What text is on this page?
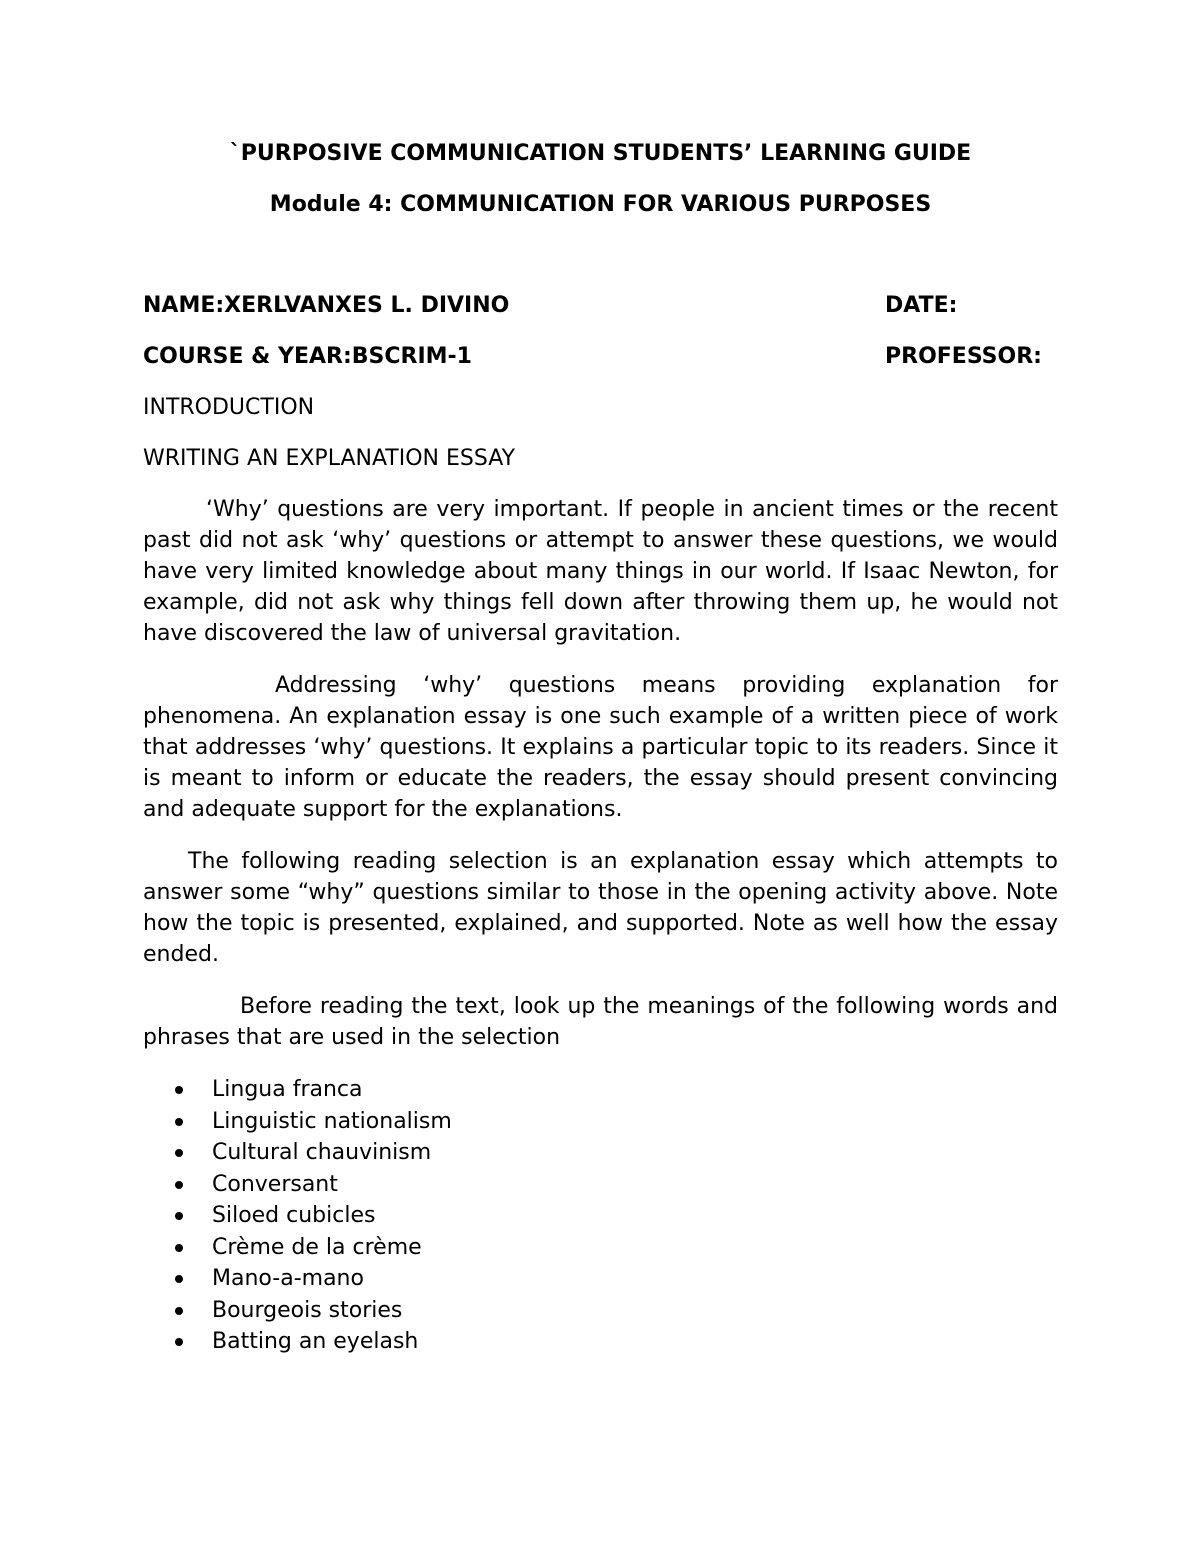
`PURPOSIVE COMMUNICATION STUDENTS’ LEARNING GUIDE

Module 4: COMMUNICATION FOR VARIOUS PURPOSES

NAME:XERLVANXES L. DIVINO	DATE:
COURSE & YEAR:BSCRIM-1	PROFESSOR:

INTRODUCTION

WRITING AN EXPLANATION ESSAY

‘Why’ questions are very important. If people in ancient times or the recent past did not ask ‘why’ questions or attempt to answer these questions, we would have very limited knowledge about many things in our world. If Isaac Newton, for example, did not ask why things fell down after throwing them up, he would not have discovered the law of universal gravitation.

Addressing ‘why’ questions means providing explanation for phenomena. An explanation essay is one such example of a written piece of work that addresses ‘why’ questions. It explains a particular topic to its readers. Since it is meant to inform or educate the readers, the essay should present convincing and adequate support for the explanations.

The following reading selection is an explanation essay which attempts to answer some “why” questions similar to those in the opening activity above. Note how the topic is presented, explained, and supported. Note as well how the essay ended.

Before reading the text, look up the meanings of the following words and phrases that are used in the selection

Lingua franca
Linguistic nationalism
Cultural chauvinism
Conversant
Siloed cubicles
Crème de la crème
Mano-a-mano
Bourgeois stories
Batting an eyelash
